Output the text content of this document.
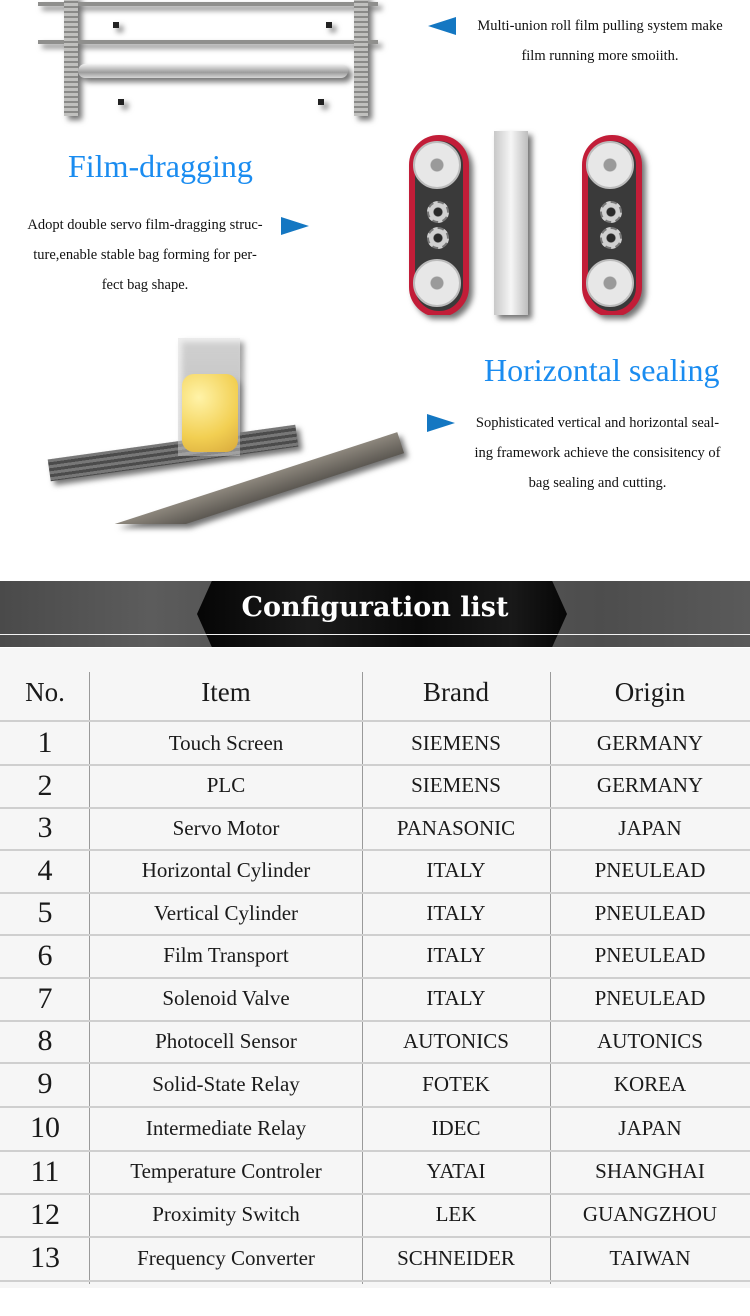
Multi-union roll film pulling system make
film running more smoiith.
Film-dragging
Adopt double servo film-dragging struc-
ture,enable stable bag forming for per-
fect bag shape.
Horizontal sealing
Sophisticated vertical and horizontal seal-
ing framework achieve the consisitency of
bag sealing and cutting.
Configuration list
No.	Item	Brand	Origin
1	Touch Screen	SIEMENS	GERMANY
2	PLC	SIEMENS	GERMANY
3	Servo Motor	PANASONIC	JAPAN
4	Horizontal Cylinder	ITALY	PNEULEAD
5	Vertical Cylinder	ITALY	PNEULEAD
6	Film Transport	ITALY	PNEULEAD
7	Solenoid Valve	ITALY	PNEULEAD
8	Photocell Sensor	AUTONICS	AUTONICS
9	Solid-State Relay	FOTEK	KOREA
10	Intermediate Relay	IDEC	JAPAN
11	Temperature Controler	YATAI	SHANGHAI
12	Proximity Switch	LEK	GUANGZHOU
13	Frequency Converter	SCHNEIDER	TAIWAN
